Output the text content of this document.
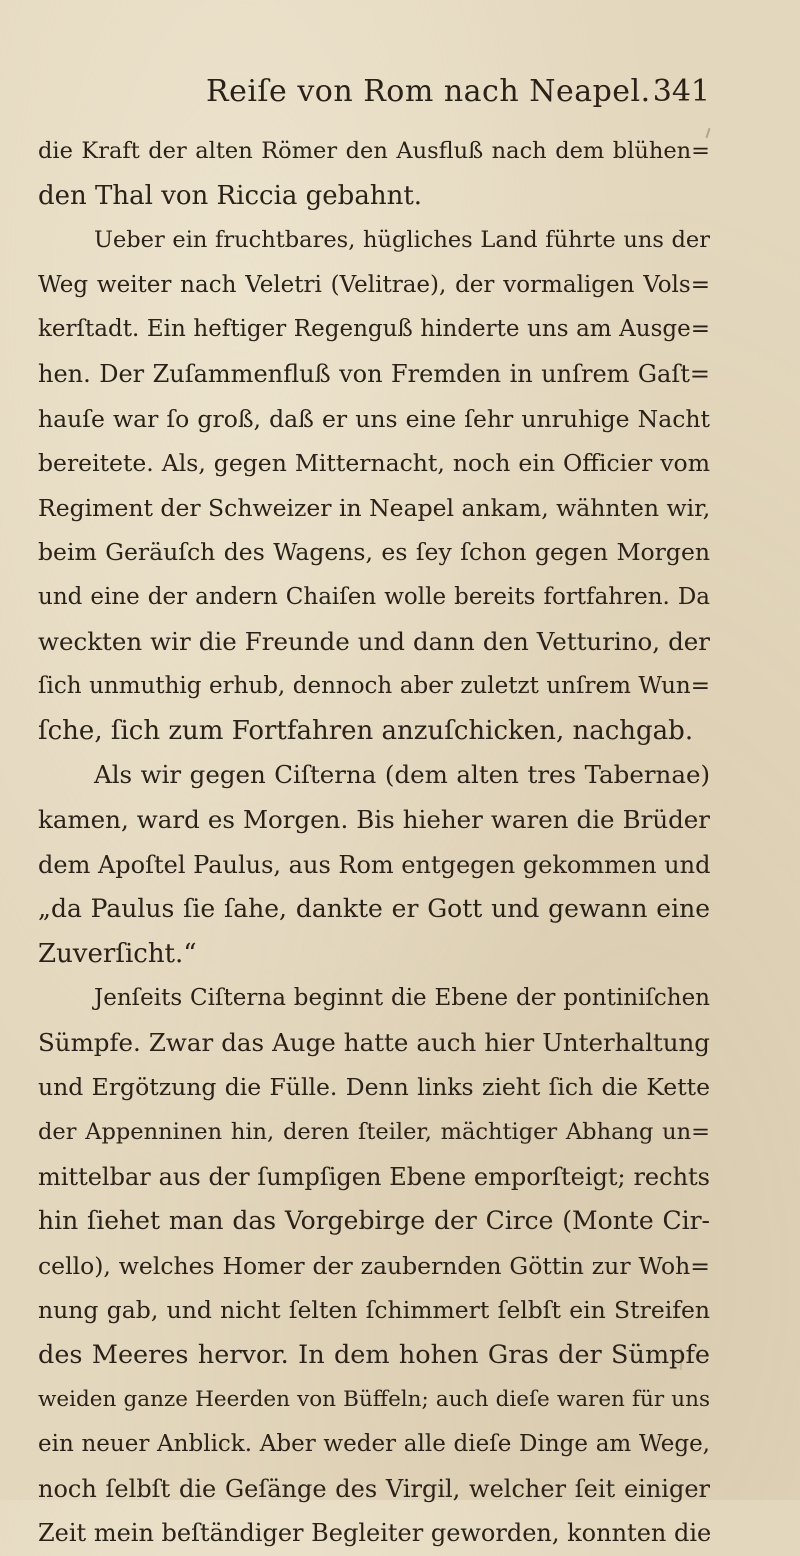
Reiſe von Rom nach Neapel. 341
die Kraft der alten Römer den Ausfluß nach dem blühen=
den Thal von Riccia gebahnt.
Ueber ein fruchtbares, hügliches Land führte uns der
Weg weiter nach Veletri (Velitrae), der vormaligen Vols=
kerſtadt. Ein heftiger Regenguß hinderte uns am Ausge=
hen. Der Zuſammenfluß von Fremden in unſrem Gaſt=
hauſe war ſo groß, daß er uns eine ſehr unruhige Nacht
bereitete. Als, gegen Mitternacht, noch ein Officier vom
Regiment der Schweizer in Neapel ankam, wähnten wir,
beim Geräuſch des Wagens, es ſey ſchon gegen Morgen
und eine der andern Chaiſen wolle bereits fortfahren. Da
weckten wir die Freunde und dann den Vetturino, der
ſich unmuthig erhub, dennoch aber zuletzt unſrem Wun=
ſche, ſich zum Fortfahren anzuſchicken, nachgab.
Als wir gegen Ciſterna (dem alten tres Tabernae)
kamen, ward es Morgen. Bis hieher waren die Brüder
dem Apoſtel Paulus, aus Rom entgegen gekommen und
„da Paulus ſie ſahe, dankte er Gott und gewann eine
Zuverſicht.“
Jenſeits Ciſterna beginnt die Ebene der pontiniſchen
Sümpfe. Zwar das Auge hatte auch hier Unterhaltung
und Ergötzung die Fülle. Denn links zieht ſich die Kette
der Appenninen hin, deren ſteiler, mächtiger Abhang un=
mittelbar aus der ſumpſigen Ebene emporſteigt; rechts
hin ſiehet man das Vorgebirge der Circe (Monte Cir-
cello), welches Homer der zaubernden Göttin zur Woh=
nung gab, und nicht ſelten ſchimmert ſelbſt ein Streifen
des Meeres hervor. In dem hohen Gras der Sümpfe
weiden ganze Heerden von Büffeln; auch dieſe waren für uns
ein neuer Anblick. Aber weder alle dieſe Dinge am Wege,
noch ſelbſt die Geſänge des Virgil, welcher ſeit einiger
Zeit mein beſtändiger Begleiter geworden, konnten die
